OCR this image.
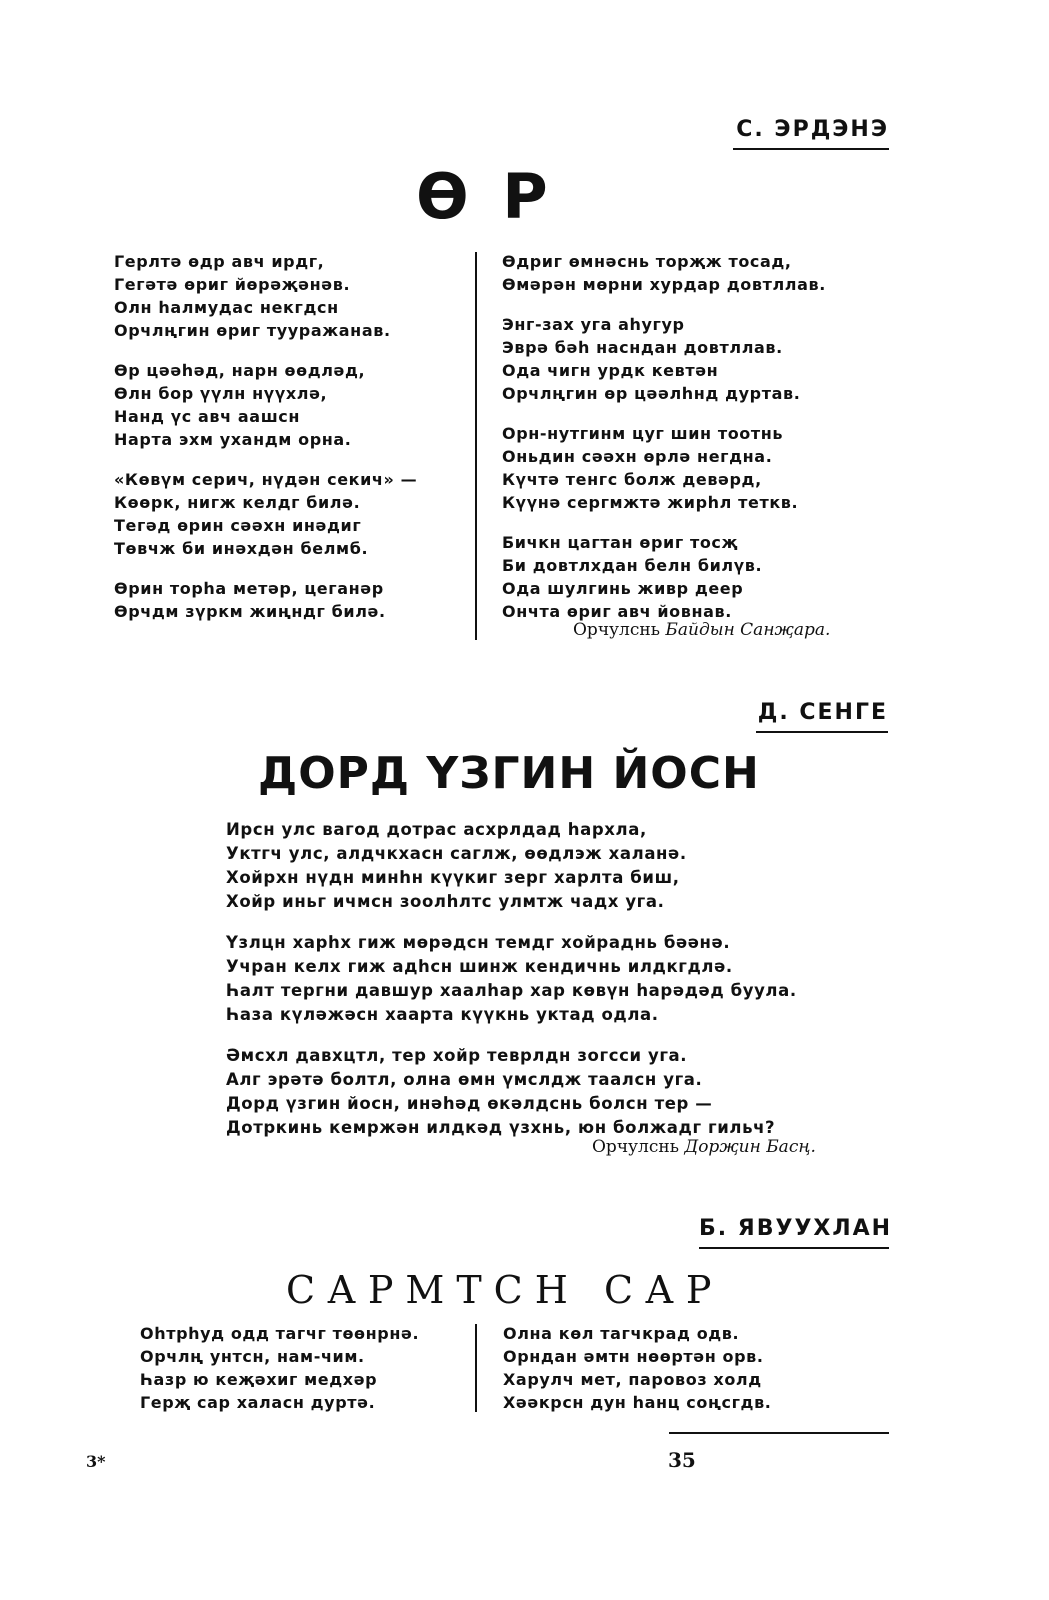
С. ЭРДЭНЭ
Ө Р
Герлтә өдр авч ирдг,
Гегәтә өриг йөрәҗәнәв.
Олн һалмудас некгдсн
Орчлңгин өриг тууражанав.
Өр цәәһәд, нарн өөдләд,
Өлн бор үүлн нүүхлә,
Нанд үс авч аашсн
Нарта эхм ухандм орна.
«Көвүм серич, нүдән секич» —
Көөрк, нигж келдг билә.
Тегәд өрин сәәхн инәдиг
Төвчж би инәхдән белмб.
Өрин торһа метәр, цеганәр
Өрчдм зүркм жиңндг билә.
Өдриг өмнәснь торҗж тосад,
Өмәрән мөрни хурдар довтллав.
Энг-зах уга аһугур
Эврә бәһ насндан довтллав.
Ода чигн урдк кевтән
Орчлңгин өр цәәлһнд дуртав.
Орн-нутгинм цуг шин тоотнь
Оньдин сәәхн өрлә негдна.
Күчтә тенгс болж девәрд,
Күүнә сергмжтә жирһл теткв.
Бичкн цагтан өриг тосҗ
Би довтлхдан белн билүв.
Ода шулгинь живр деер
Ончта өриг авч йовнав.
Орчулснь Байдын Санҗара.
Д. СЕНГЕ
ДОРД ҮЗГИН ЙОСН
Ирсн улс вагод дотрас асхрлдад һархла,
Уктгч улс, алдчкхасн саглж, өөдлэж халанә.
Хойрхн нүдн минһн күүкиг зерг харлта биш,
Хойр иньг ичмсн зоолһлтс улмтж чадх уга.
Үзлцн харһх гиж мөрәдсн темдг хойраднь бәәнә.
Учран келх гиж адһсн шинж кендичнь илдкгдлә.
Һалт тергни давшур хаалһар хар көвүн һарәдәд буула.
Һаза күләжәсн хаарта күүкнь уктад одла.
Әмсхл давхцтл, тер хойр теврлдн зогсси уга.
Алг эрәтә болтл, олна өмн үмслдж таалсн уга.
Дорд үзгин йосн, инәһәд өкәлдснь болсн тер —
Дотркинь кемржән илдкәд үзхнь, юн болжадг гильч?
Орчулснь Дорҗин Басң.
Б. ЯВУУХЛАН
САРМТСН САР
Оһтрһуд одд тагчг төөнрнә.
Орчлң унтсн, нам-чим.
Һазр ю кеҗәхиг медхәр
Герҗ сар халасн дуртә.
Олна көл тагчкрад одв.
Орндан әмтн нөөртән орв.
Харулч мет, паровоз холд
Хәәкрсн дун һанц соңсгдв.
3*	35
